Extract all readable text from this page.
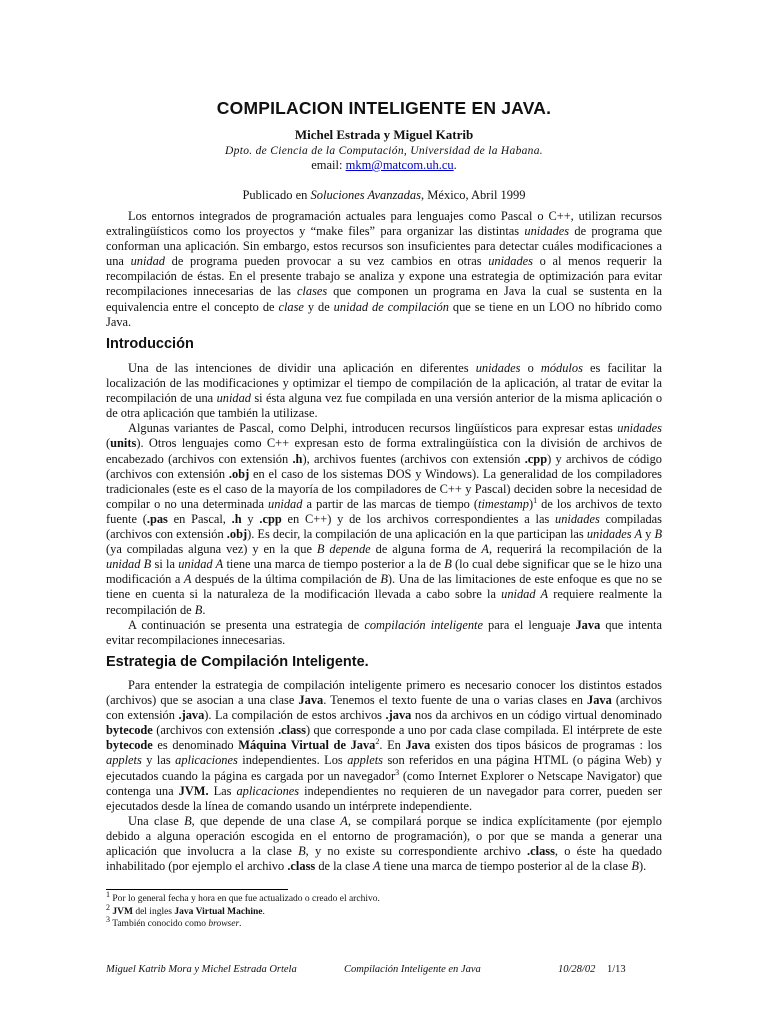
COMPILACION INTELIGENTE EN JAVA.
Michel Estrada y Miguel Katrib
Dpto. de Ciencia de la Computación, Universidad de la Habana.
email: mkm@matcom.uh.cu.
Publicado en Soluciones Avanzadas, México, Abril 1999

Los entornos integrados de programación actuales para lenguajes como Pascal o C++, utilizan recursos extralingüísticos como los proyectos y “make files” para organizar las distintas unidades de programa que conforman una aplicación. Sin embargo, estos recursos son insuficientes para detectar cuáles modificaciones a una unidad de programa pueden provocar a su vez cambios en otras unidades o al menos requerir la recompilación de éstas. En el presente trabajo se analiza y expone una estrategia de optimización para evitar recompilaciones innecesarias de las clases que componen un programa en Java la cual se sustenta en la equivalencia entre el concepto de clase y de unidad de compilación que se tiene en un LOO no híbrido como Java.

Introducción

Una de las intenciones de dividir una aplicación en diferentes unidades o módulos es facilitar la localización de las modificaciones y optimizar el tiempo de compilación de la aplicación, al tratar de evitar la recompilación de una unidad si ésta alguna vez fue compilada en una versión anterior de la misma aplicación o de otra aplicación que también la utilizase.

Algunas variantes de Pascal, como Delphi, introducen recursos lingüísticos para expresar estas unidades (units). Otros lenguajes como C++ expresan esto de forma extralingüística con la división de archivos de encabezado (archivos con extensión .h), archivos fuentes (archivos con extensión .cpp) y archivos de código (archivos con extensión .obj en el caso de los sistemas DOS y Windows). La generalidad de los compiladores tradicionales (este es el caso de la mayoría de los compiladores de C++ y Pascal) deciden sobre la necesidad de compilar o no una determinada unidad a partir de las marcas de tiempo (timestamp)$^1$ de los archivos de texto fuente (.pas en Pascal, .h y .cpp en C++) y de los archivos correspondientes a las unidades compiladas (archivos con extensión .obj). Es decir, la compilación de una aplicación en la que participan las unidades A y B (ya compiladas alguna vez) y en la que B depende de alguna forma de A, requerirá la recompilación de la unidad B si la unidad A tiene una marca de tiempo posterior a la de B (lo cual debe significar que se le hizo una modificación a A después de la última compilación de B). Una de las limitaciones de este enfoque es que no se tiene en cuenta si la naturaleza de la modificación llevada a cabo sobre la unidad A requiere realmente la recompilación de B.

A continuación se presenta una estrategia de compilación inteligente para el lenguaje Java que intenta evitar recompilaciones innecesarias.

Estrategia de Compilación Inteligente.

Para entender la estrategia de compilación inteligente primero es necesario conocer los distintos estados (archivos) que se asocian a una clase Java. Tenemos el texto fuente de una o varias clases en Java (archivos con extensión .java). La compilación de estos archivos .java nos da archivos en un código virtual denominado bytecode (archivos con extensión .class) que corresponde a uno por cada clase compilada. El intérprete de este bytecode es denominado Máquina Virtual de Java$^2$. En Java existen dos tipos básicos de programas : los applets y las aplicaciones independientes. Los applets son referidos en una página HTML (o página Web) y ejecutados cuando la página es cargada por un navegador$^3$ (como Internet Explorer o Netscape Navigator) que contenga una JVM. Las aplicaciones independientes no requieren de un navegador para correr, pueden ser ejecutados desde la línea de comando usando un intérprete independiente.

Una clase B, que depende de una clase A, se compilará porque se indica explícitamente (por ejemplo debido a alguna operación escogida en el entorno de programación), o por que se manda a generar una aplicación que involucra a la clase B, y no existe su correspondiente archivo .class, o éste ha quedado inhabilitado (por ejemplo el archivo .class de la clase A tiene una marca de tiempo posterior al de la clase B).

$^1$ Por lo general fecha y hora en que fue actualizado o creado el archivo.
$^2$ JVM del ingles Java Virtual Machine.
$^3$ También conocido como browser.
Miguel Katrib Mora y Michel Estrada Ortela	Compilación Inteligente en Java	10/28/02 1/13
